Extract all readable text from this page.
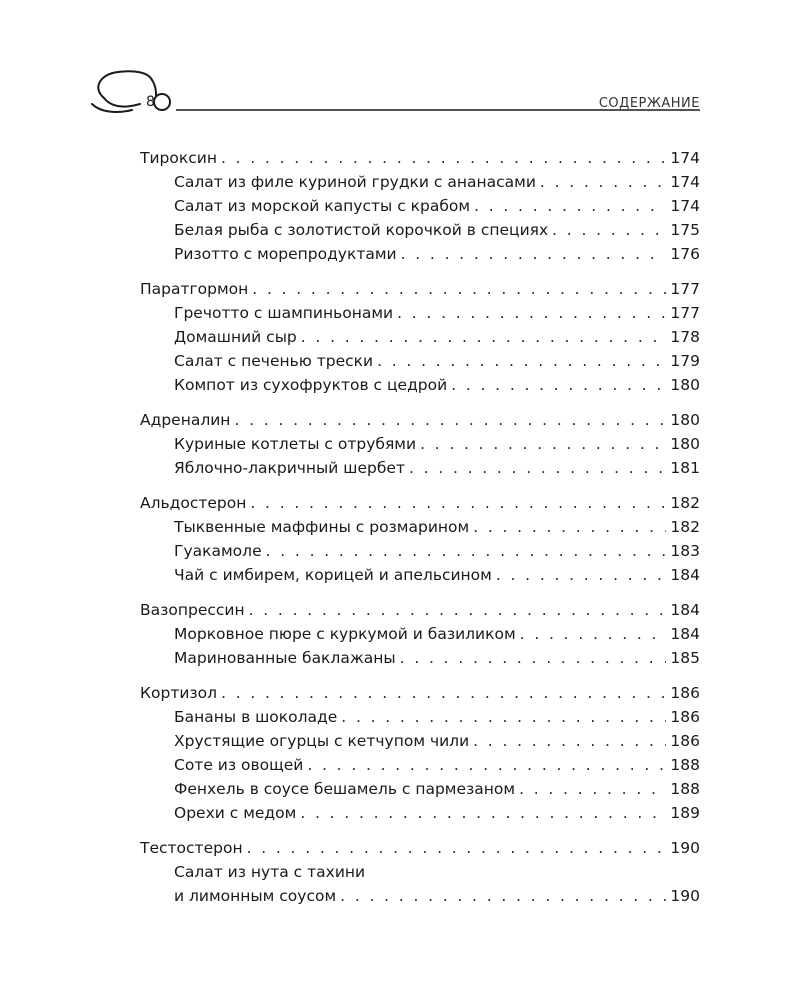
8	СОДЕРЖАНИЕ
Тироксин . . .	174
Салат из филе куриной грудки с ананасами . . .	174
Салат из морской капусты с крабом . . .	174
Белая рыба с золотистой корочкой в специях . . .	175
Ризотто с морепродуктами . . .	176
Паратгормон . . .	177
Гречотто с шампиньонами . . .	177
Домашний сыр . . .	178
Салат с печенью трески . . .	179
Компот из сухофруктов с цедрой . . .	180
Адреналин . . .	180
Куриные котлеты с отрубями . . .	180
Яблочно-лакричный шербет . . .	181
Альдостерон . . .	182
Тыквенные маффины с розмарином . . .	182
Гуакамоле . . .	183
Чай с имбирем, корицей и апельсином . . .	184
Вазопрессин . . .	184
Морковное пюре с куркумой и базиликом . . .	184
Маринованные баклажаны . . .	185
Кортизол . . .	186
Бананы в шоколаде . . .	186
Хрустящие огурцы с кетчупом чили . . .	186
Соте из овощей . . .	188
Фенхель в соусе бешамель с пармезаном . . .	188
Орехи с медом . . .	189
Тестостерон . . .	190
Салат из нута с тахини
и лимонным соусом . . .	190
